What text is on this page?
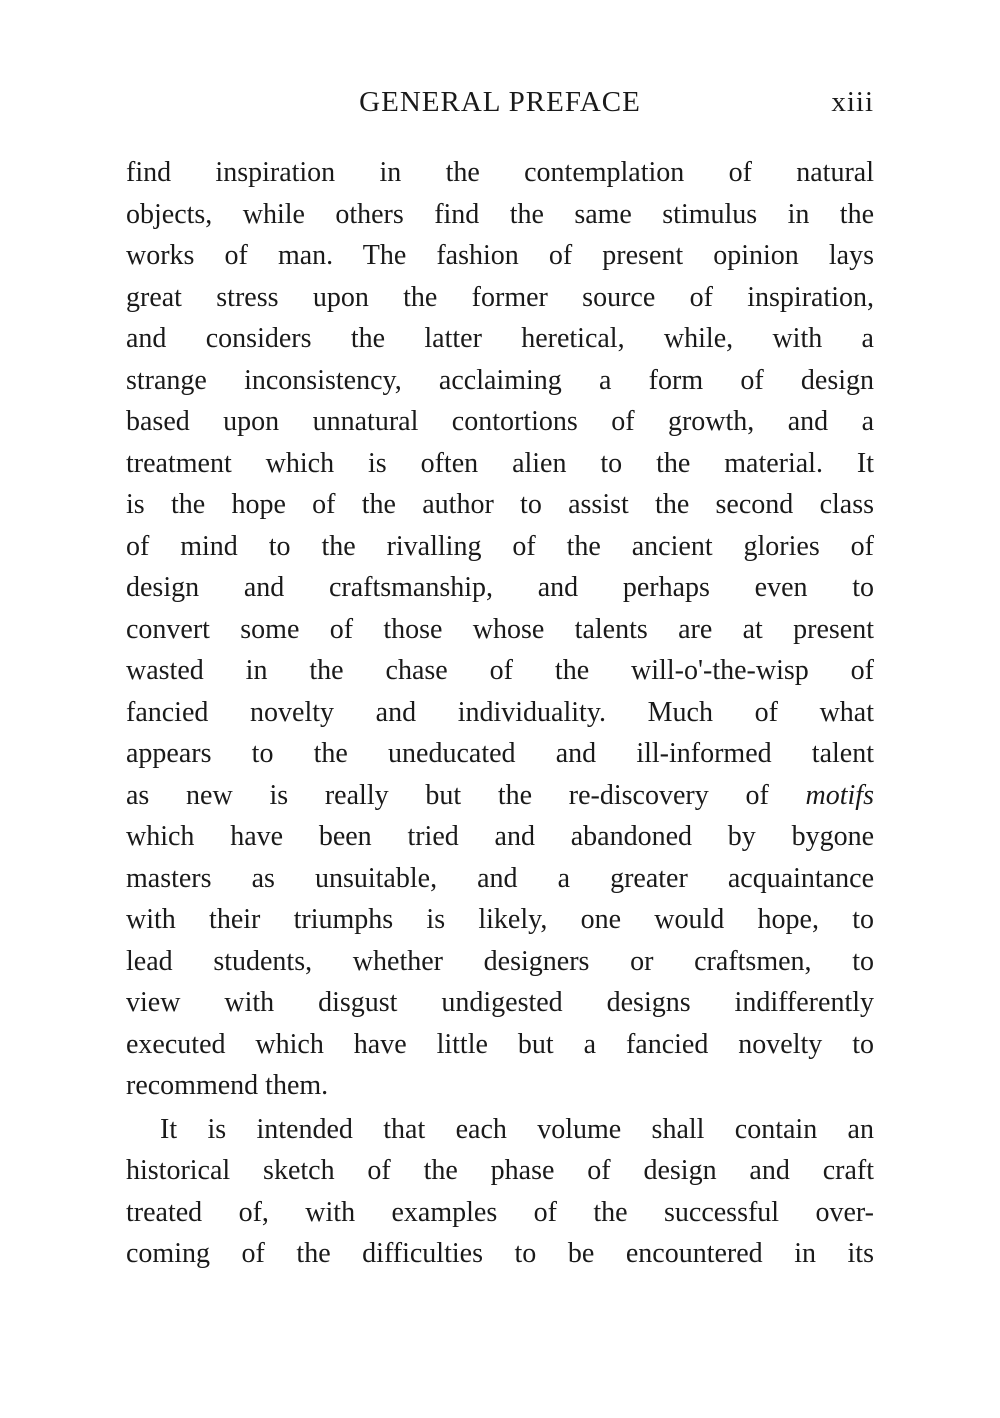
GENERAL PREFACE	xiii
find inspiration in the contemplation of natural
objects, while others find the same stimulus in the
works of man. The fashion of present opinion lays
great stress upon the former source of inspiration,
and considers the latter heretical, while, with a
strange inconsistency, acclaiming a form of design
based upon unnatural contortions of growth, and a
treatment which is often alien to the material. It
is the hope of the author to assist the second class
of mind to the rivalling of the ancient glories of
design and craftsmanship, and perhaps even to
convert some of those whose talents are at present
wasted in the chase of the will-o'-the-wisp of
fancied novelty and individuality. Much of what
appears to the uneducated and ill-informed talent
as new is really but the re-discovery of motifs
which have been tried and abandoned by bygone
masters as unsuitable, and a greater acquaintance
with their triumphs is likely, one would hope, to
lead students, whether designers or craftsmen, to
view with disgust undigested designs indifferently
executed which have little but a fancied novelty to
recommend them.
It is intended that each volume shall contain an
historical sketch of the phase of design and craft
treated of, with examples of the successful over-
coming of the difficulties to be encountered in its
